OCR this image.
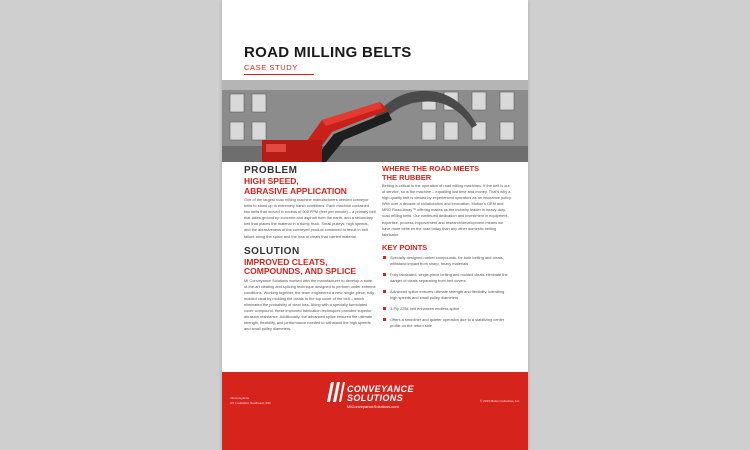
ROAD MILLING BELTS
CASE STUDY
PROBLEM
HIGH SPEED,
ABRASIVE APPLICATION

One of the largest road milling machine manufacturers needed conveyor belts to stand up to extremely harsh conditions. Each machine contained two belts that moved in excess of 900 FPM (feet per minute) – a primary belt that takes ground up concrete and asphalt from the earth, and a secondary belt that places the material in a dump truck. Small pulleys, high speeds, and the abrasiveness of the conveyed product combined to result in belt failure along the splice and the loss of cleats that carried material.

SOLUTION
IMPROVED CLEATS,
COMPOUNDS, AND SPLICE

MI Conveyance Solutions worked with the manufacturer to develop a state-of-the-art cleating and splicing technique designed to perform under extreme conditions. Working together, the team engineered a new, single-piece, fully molded cleat by molding the cleats to the top cover of the belt – which eliminated the probability of cleat loss. Along with a specially formulated cover compound, these improved fabrication techniques provided superior abrasion resistance. Additionally, the advanced splice ensured the ultimate strength, flexibility, and performance needed to withstand the high speeds and small pulley diameters.

WHERE THE ROAD MEETS
THE RUBBER

Belting is critical to the operation of road milling machines. If the belt is out of service, so is the machine – equalling lost time and money. That's why a high-quality belt is viewed by experienced operators as an insurance policy. With over a decade of collaboration and innovation, Motion's OEM and MRO Road-Away™ offering makes us the industry leader in heavy-duty, road milling belts. Our continued dedication and investment in equipment, expertise, process improvement and research/development means we have more belts on the road today than any other domestic belting fabricator.

KEY POINTS
Specially designed rubber compounds, for both belting and cleats, withstand impact from sharp, heavy materials
Fully fabricated, single-piece belting and molded cleats eliminate the danger of cleats separating from belt covers
Advanced splice ensures ultimate strength and flexibility, tolerating high speeds and small pulley diameters
3-Ply 225# belt enhances endless splice
Offers a smoother and quieter operation due to a stabilizing center profile on the return side
miconveyance
US | Lakefield, Southeast, IND
CONVEYANCE
SOLUTIONS
MIConveyanceSolutions.com
© 2023 Motion Industries, Inc.
